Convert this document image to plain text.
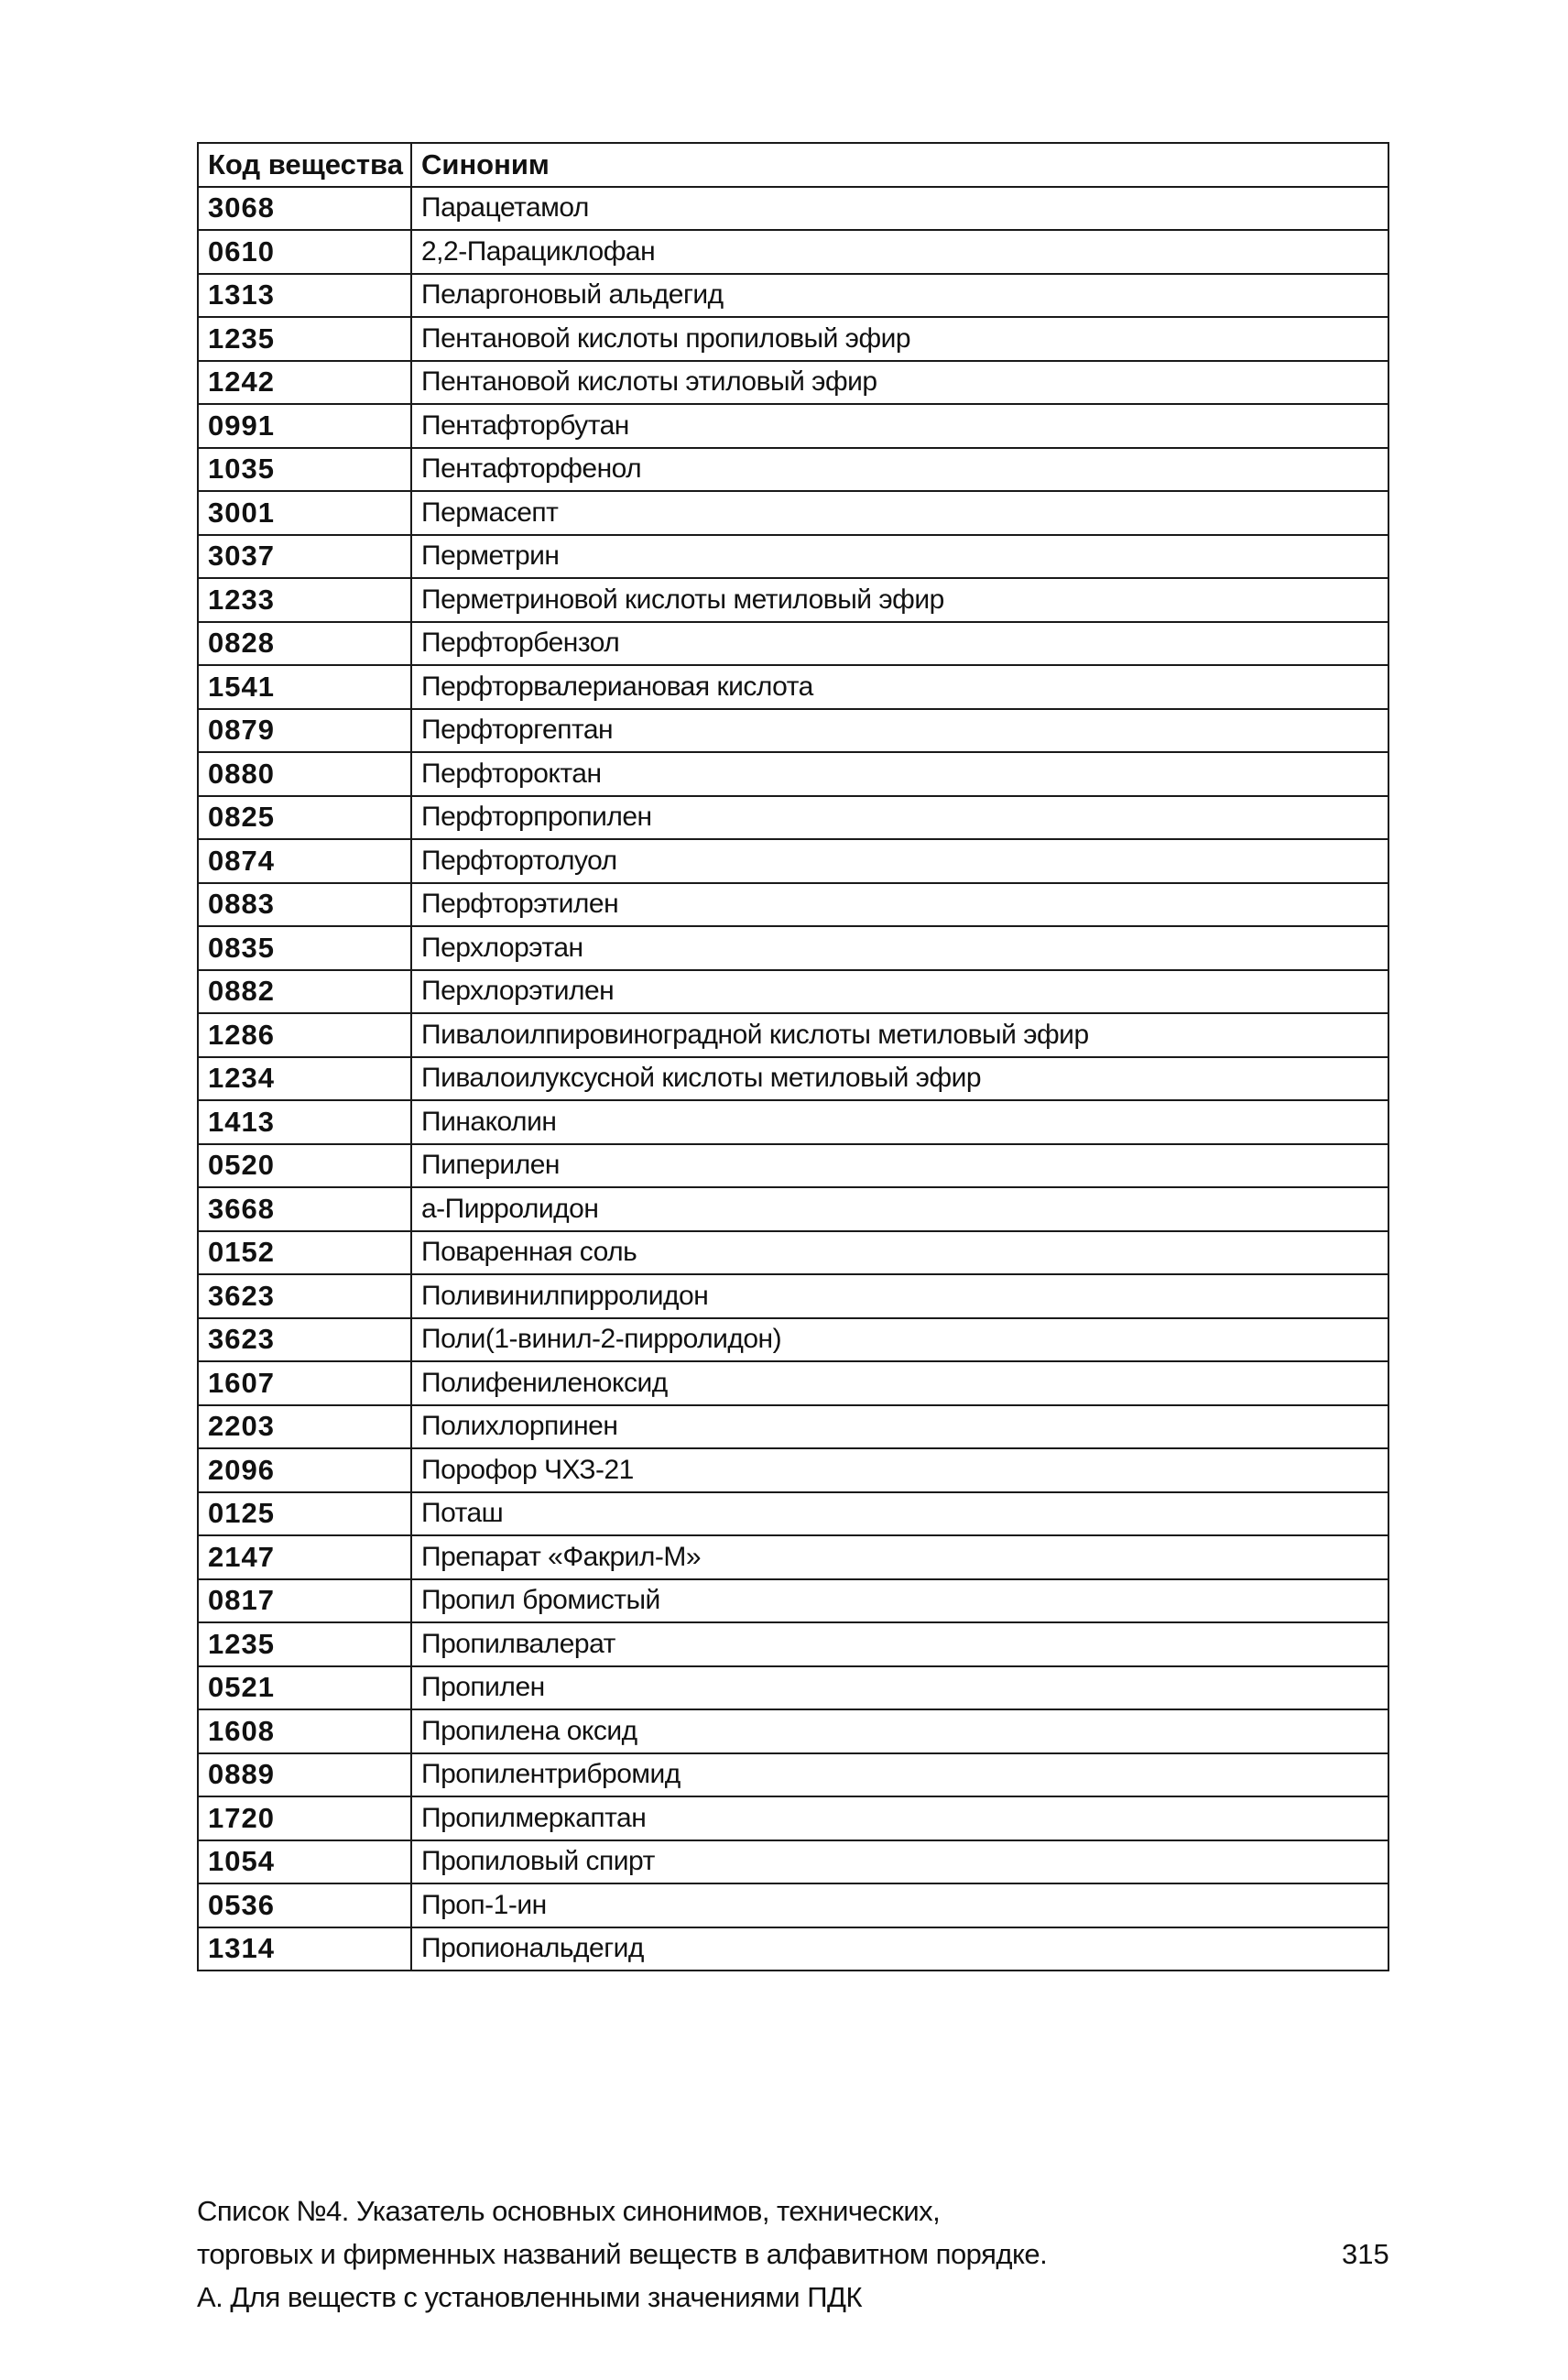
Код вещества	Синоним
3068	Парацетамол
0610	2,2-Парациклофан
1313	Пеларгоновый альдегид
1235	Пентановой кислоты пропиловый эфир
1242	Пентановой кислоты этиловый эфир
0991	Пентафторбутан
1035	Пентафторфенол
3001	Пермасепт
3037	Перметрин
1233	Перметриновой кислоты метиловый эфир
0828	Перфторбензол
1541	Перфторвалериановая кислота
0879	Перфторгептан
0880	Перфтороктан
0825	Перфторпропилен
0874	Перфтортолуол
0883	Перфторэтилен
0835	Перхлорэтан
0882	Перхлорэтилен
1286	Пивалоилпировиноградной кислоты метиловый эфир
1234	Пивалоилуксусной кислоты метиловый эфир
1413	Пинаколин
0520	Пиперилен
3668	а-Пирролидон
0152	Поваренная соль
3623	Поливинилпирролидон
3623	Поли(1-винил-2-пирролидон)
1607	Полифениленоксид
2203	Полихлорпинен
2096	Порофор ЧХЗ-21
0125	Поташ
2147	Препарат «Факрил-М»
0817	Пропил бромистый
1235	Пропилвалерат
0521	Пропилен
1608	Пропилена оксид
0889	Пропилентрибромид
1720	Пропилмеркаптан
1054	Пропиловый спирт
0536	Проп-1-ин
1314	Пропиональдегид
Список №4. Указатель основных синонимов, технических,
торговых и фирменных названий веществ в алфавитном порядке.
А. Для веществ с установленными значениями ПДК
315
